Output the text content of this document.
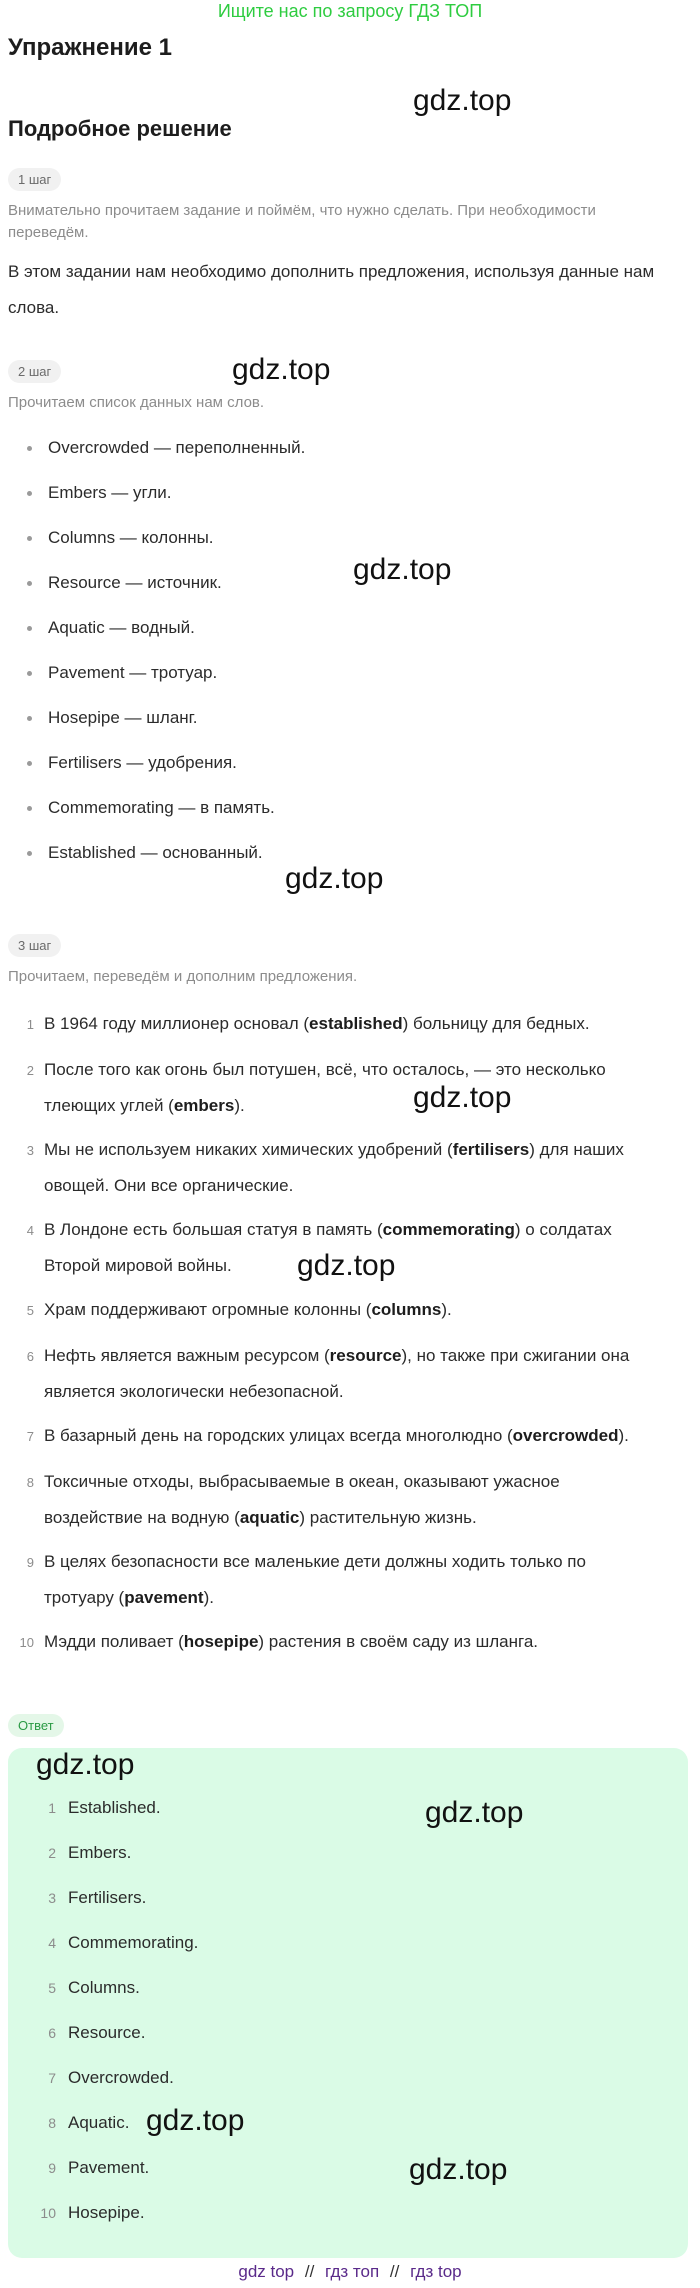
Ищите нас по запросу ГДЗ ТОП
Упражнение 1
Подробное решение
gdz.top
gdz.top
gdz.top
gdz.top
gdz.top
gdz.top
1 шаг
Внимательно прочитаем задание и поймём, что нужно сделать. При необходимости переведём.
В этом задании нам необходимо дополнить предложения, используя данные нам слова.
2 шаг
Прочитаем список данных нам слов.
Overcrowded — переполненный.
Embers — угли.
Columns — колонны.
Resource — источник.
Aquatic — водный.
Pavement — тротуар.
Hosepipe — шланг.
Fertilisers — удобрения.
Commemorating — в память.
Established — основанный.
3 шаг
Прочитаем, переведём и дополним предложения.
1 В 1964 году миллионер основал (established) больницу для бедных.
2 После того как огонь был потушен, всё, что осталось, — это несколько
тлеющих углей (embers).
3 Мы не используем никаких химических удобрений (fertilisers) для наших
овощей. Они все органические.
4 В Лондоне есть большая статуя в память (commemorating) о солдатах
Второй мировой войны.
5 Храм поддерживают огромные колонны (columns).
6 Нефть является важным ресурсом (resource), но также при сжигании она
является экологически небезопасной.
7 В базарный день на городских улицах всегда многолюдно (overcrowded).
8 Токсичные отходы, выбрасываемые в океан, оказывают ужасное
воздействие на водную (aquatic) растительную жизнь.
9 В целях безопасности все маленькие дети должны ходить только по
тротуару (pavement).
10 Мэдди поливает (hosepipe) растения в своём саду из шланга.
Ответ
gdz.top
gdz.top
gdz.top
gdz.top
1 Established.
2 Embers.
3 Fertilisers.
4 Commemorating.
5 Columns.
6 Resource.
7 Overcrowded.
8 Aquatic.
9 Pavement.
10 Hosepipe.
gdz top // гдз топ // гдз top
